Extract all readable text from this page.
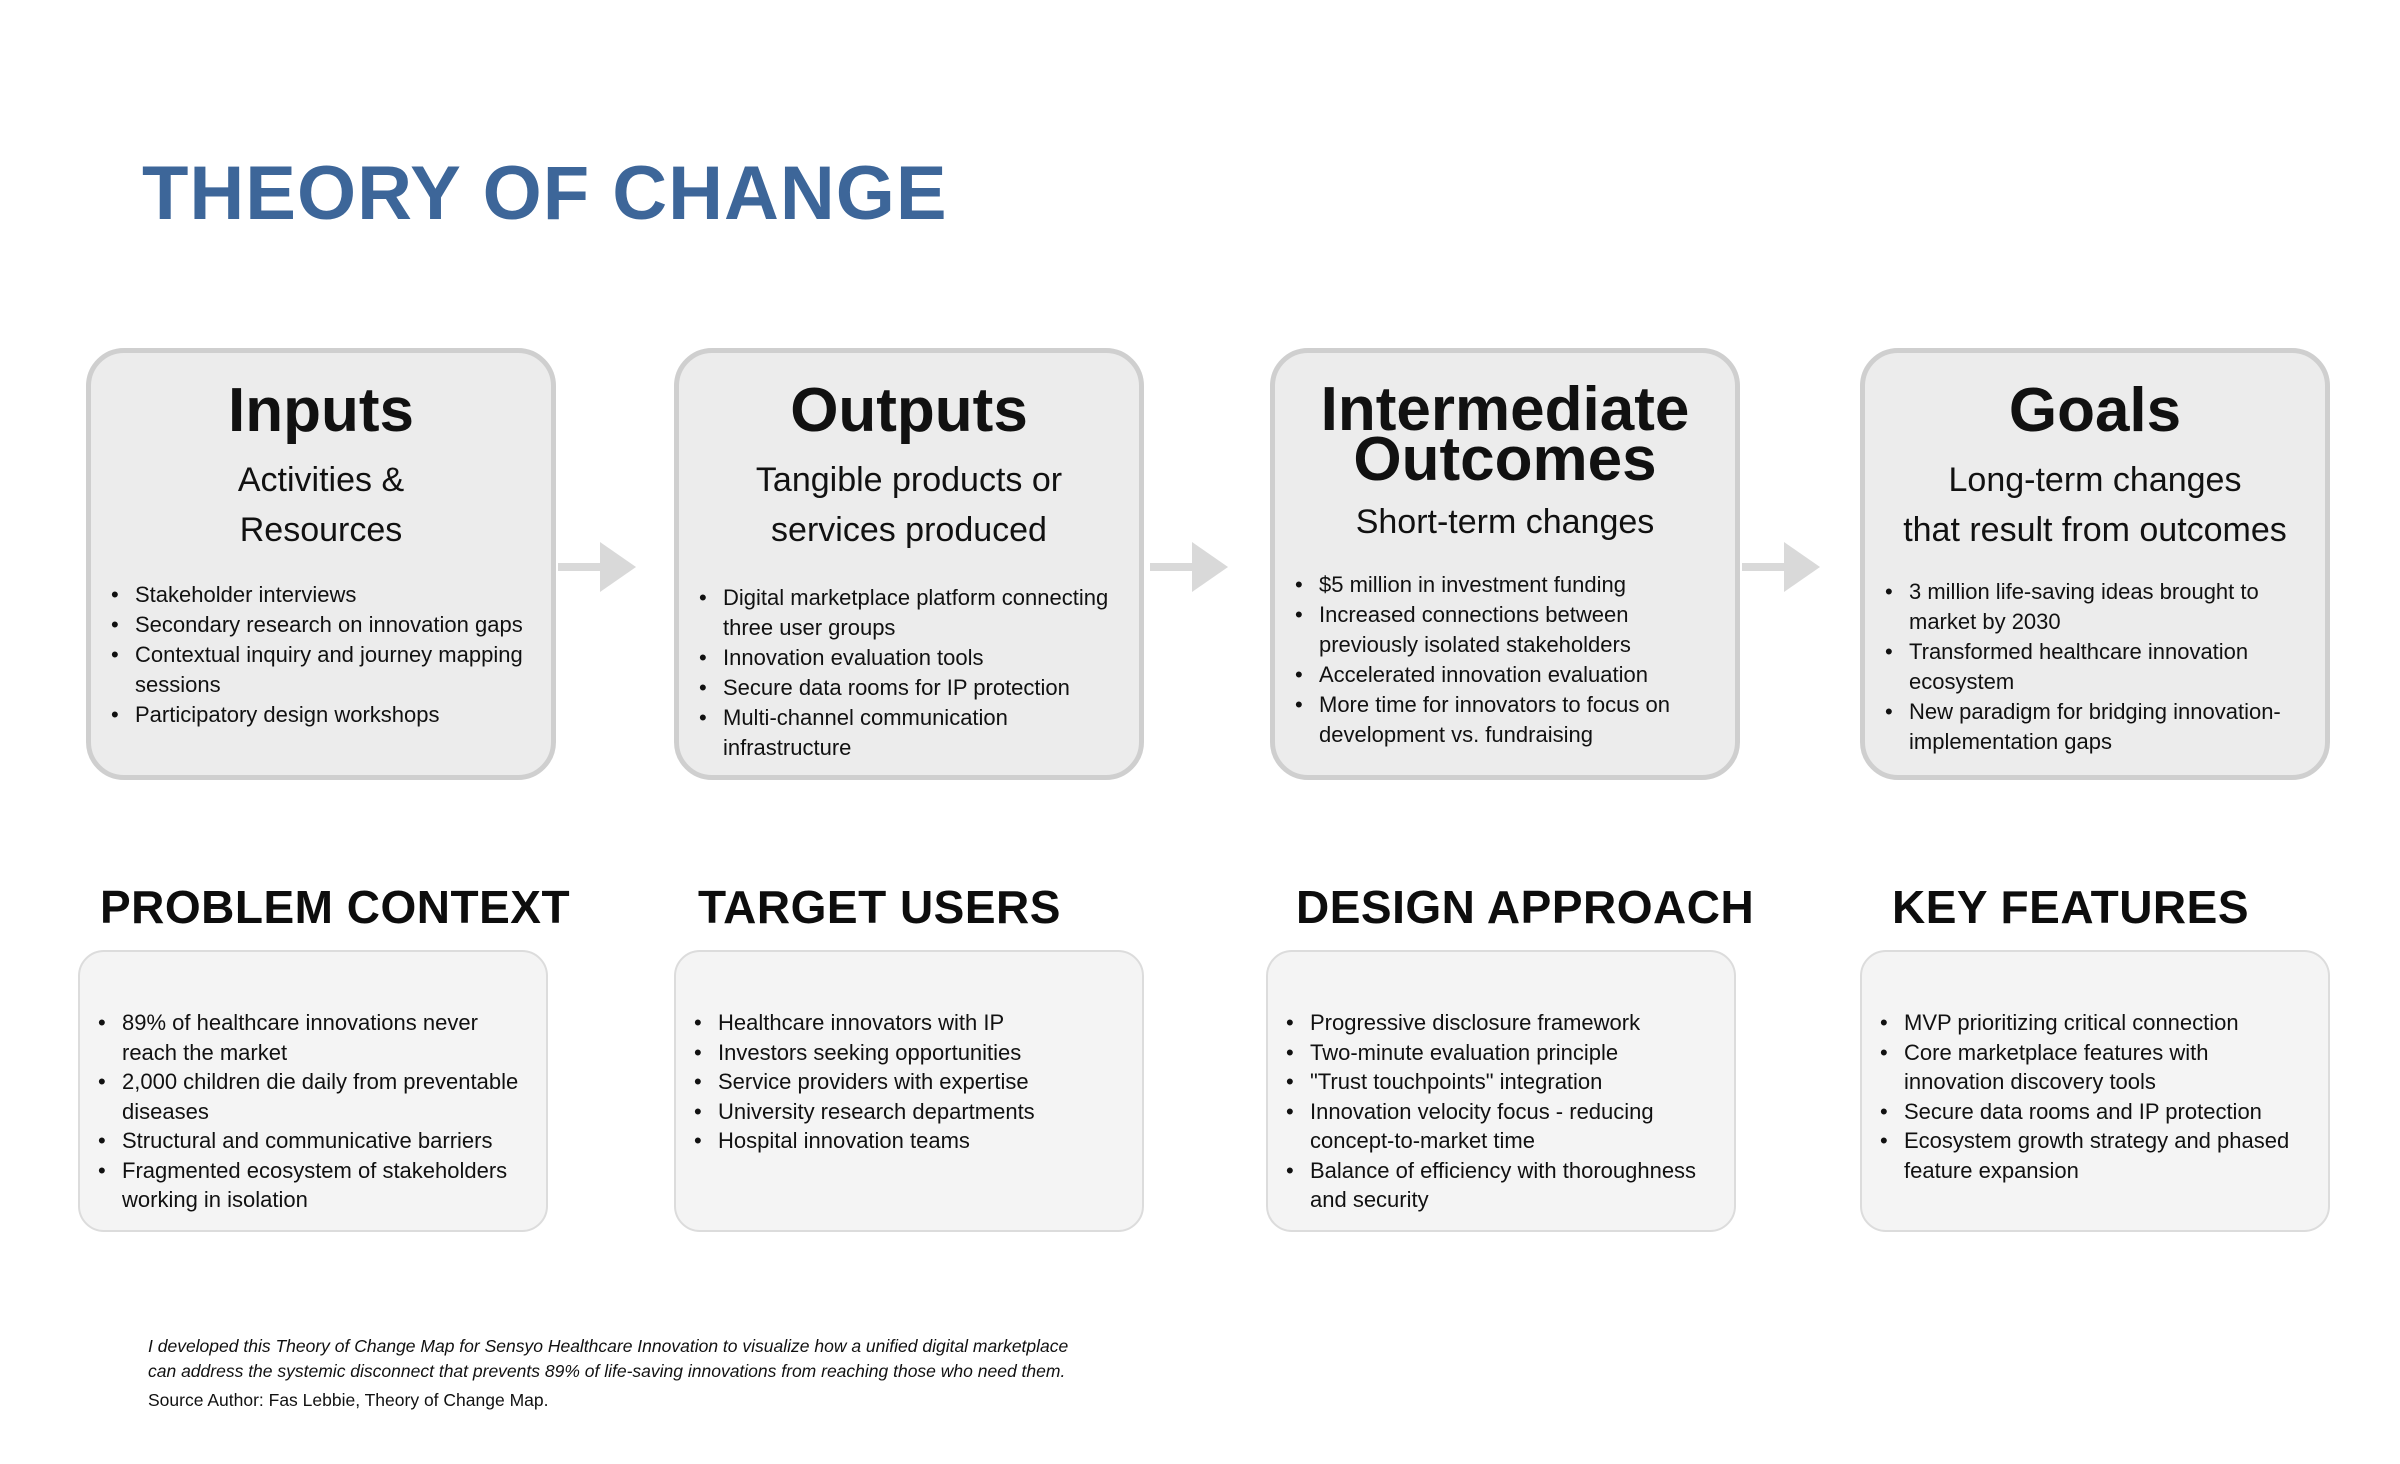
THEORY OF CHANGE
Inputs
Activities &
Resources
• Stakeholder interviews
• Secondary research on innovation gaps
• Contextual inquiry and journey mapping sessions
• Participatory design workshops
Outputs
Tangible products or
services produced
• Digital marketplace platform connecting three user groups
• Innovation evaluation tools
• Secure data rooms for IP protection
• Multi-channel communication infrastructure
Intermediate
Outcomes
Short-term changes
• $5 million in investment funding
• Increased connections between previously isolated stakeholders
• Accelerated innovation evaluation
• More time for innovators to focus on development vs. fundraising
Goals
Long-term changes
that result from outcomes
• 3 million life-saving ideas brought to market by 2030
• Transformed healthcare innovation ecosystem
• New paradigm for bridging innovation-implementation gaps
PROBLEM CONTEXT	TARGET USERS	DESIGN APPROACH	KEY FEATURES
• 89% of healthcare innovations never reach the market
• 2,000 children die daily from preventable diseases
• Structural and communicative barriers
• Fragmented ecosystem of stakeholders working in isolation
• Healthcare innovators with IP
• Investors seeking opportunities
• Service providers with expertise
• University research departments
• Hospital innovation teams
• Progressive disclosure framework
• Two-minute evaluation principle
• "Trust touchpoints" integration
• Innovation velocity focus - reducing concept-to-market time
• Balance of efficiency with thoroughness and security
• MVP prioritizing critical connection
• Core marketplace features with innovation discovery tools
• Secure data rooms and IP protection
• Ecosystem growth strategy and phased feature expansion

I developed this Theory of Change Map for Sensyo Healthcare Innovation to visualize how a unified digital marketplace
can address the systemic disconnect that prevents 89% of life-saving innovations from reaching those who need them.

Source Author: Fas Lebbie, Theory of Change Map.
